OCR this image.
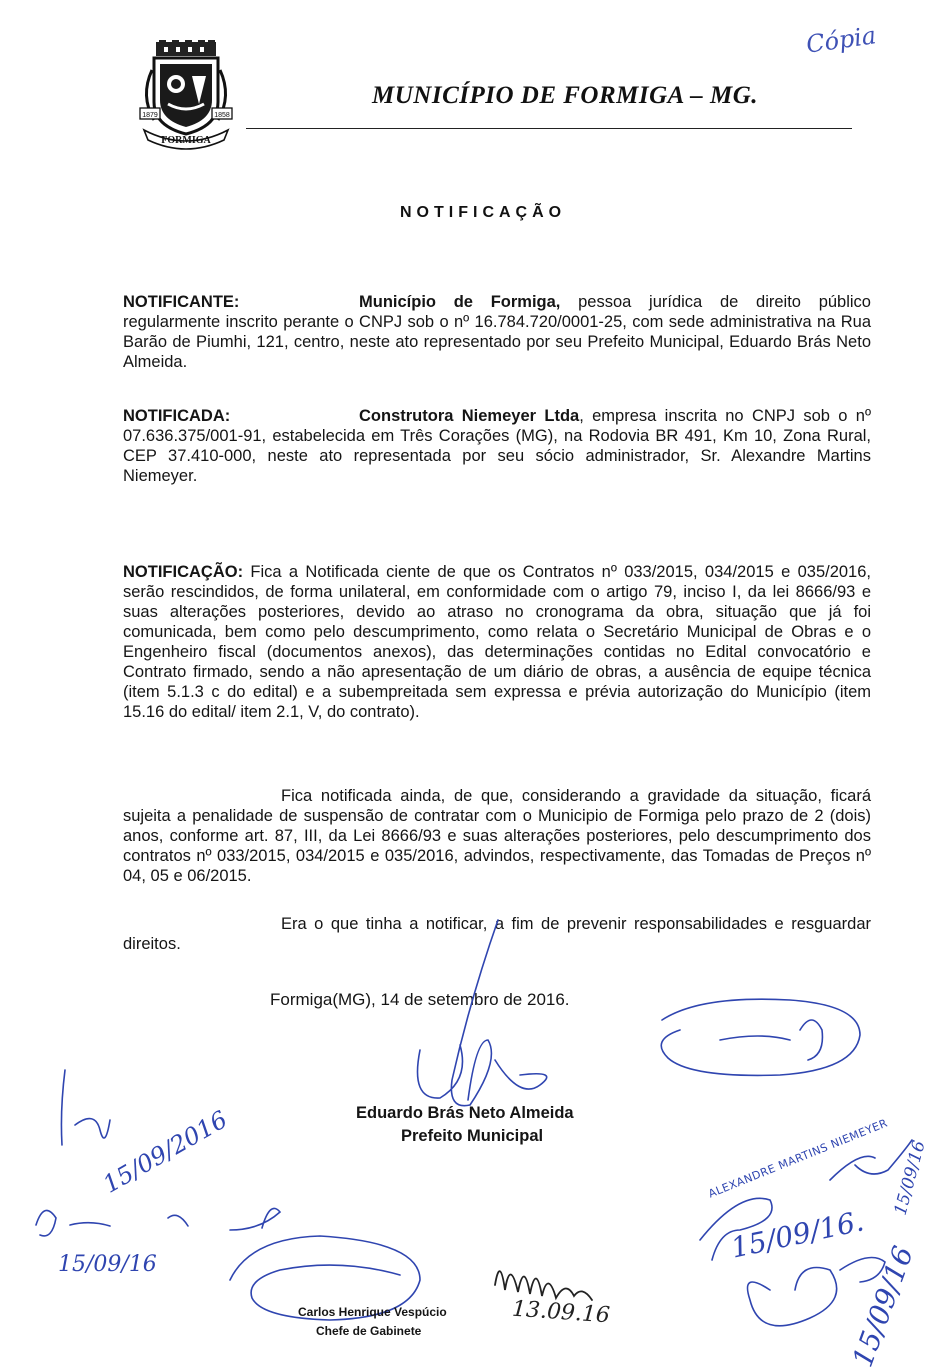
1879	1858
FORMIGA
MUNICÍPIO DE FORMIGA – MG.
Cópia
NOTIFICAÇÃO
NOTIFICANTE:	Município de Formiga, pessoa jurídica de direito público regularmente inscrito perante o CNPJ sob o nº 16.784.720/0001-25, com sede administrativa na Rua Barão de Piumhi, 121, centro, neste ato representado por seu Prefeito Municipal, Eduardo Brás Neto Almeida.
NOTIFICADA:	Construtora Niemeyer Ltda, empresa inscrita no CNPJ sob o nº 07.636.375/001-91, estabelecida em Três Corações (MG), na Rodovia BR 491, Km 10, Zona Rural, CEP 37.410-000, neste ato representada por seu sócio administrador, Sr. Alexandre Martins Niemeyer.
NOTIFICAÇÃO: Fica a Notificada ciente de que os Contratos nº 033/2015, 034/2015 e 035/2016, serão rescindidos, de forma unilateral, em conformidade com o artigo 79, inciso I, da lei 8666/93 e suas alterações posteriores, devido ao atraso no cronograma da obra, situação que já foi comunicada, bem como pelo descumprimento, como relata o Secretário Municipal de Obras e o Engenheiro fiscal (documentos anexos), das determinações contidas no Edital convocatório e Contrato firmado, sendo a não apresentação de um diário de obras, a ausência de equipe técnica (item 5.1.3 c do edital) e a subempreitada sem expressa e prévia autorização do Município (item 15.16 do edital/ item 2.1, V, do contrato).
Fica notificada ainda, de que, considerando a gravidade da situação, ficará sujeita a penalidade de suspensão de contratar com o Municipio de Formiga pelo prazo de 2 (dois) anos, conforme art. 87, III, da Lei 8666/93 e suas alterações posteriores, pelo descumprimento dos contratos nº 033/2015, 034/2015 e 035/2016, advindos, respectivamente, das Tomadas de Preços nº 04, 05 e 06/2015.
Era o que tinha a notificar, a fim de prevenir responsabilidades e resguardar direitos.
Formiga(MG), 14 de setembro de 2016.
15/09/2016
15/09/16
13.09.16
15/09/16.
15/09/16
15/09/16
ALEXANDRE MARTINS NIEMEYER
Eduardo Brás Neto Almeida
Prefeito Municipal
Carlos Henrique Vespúcio
Chefe de Gabinete
